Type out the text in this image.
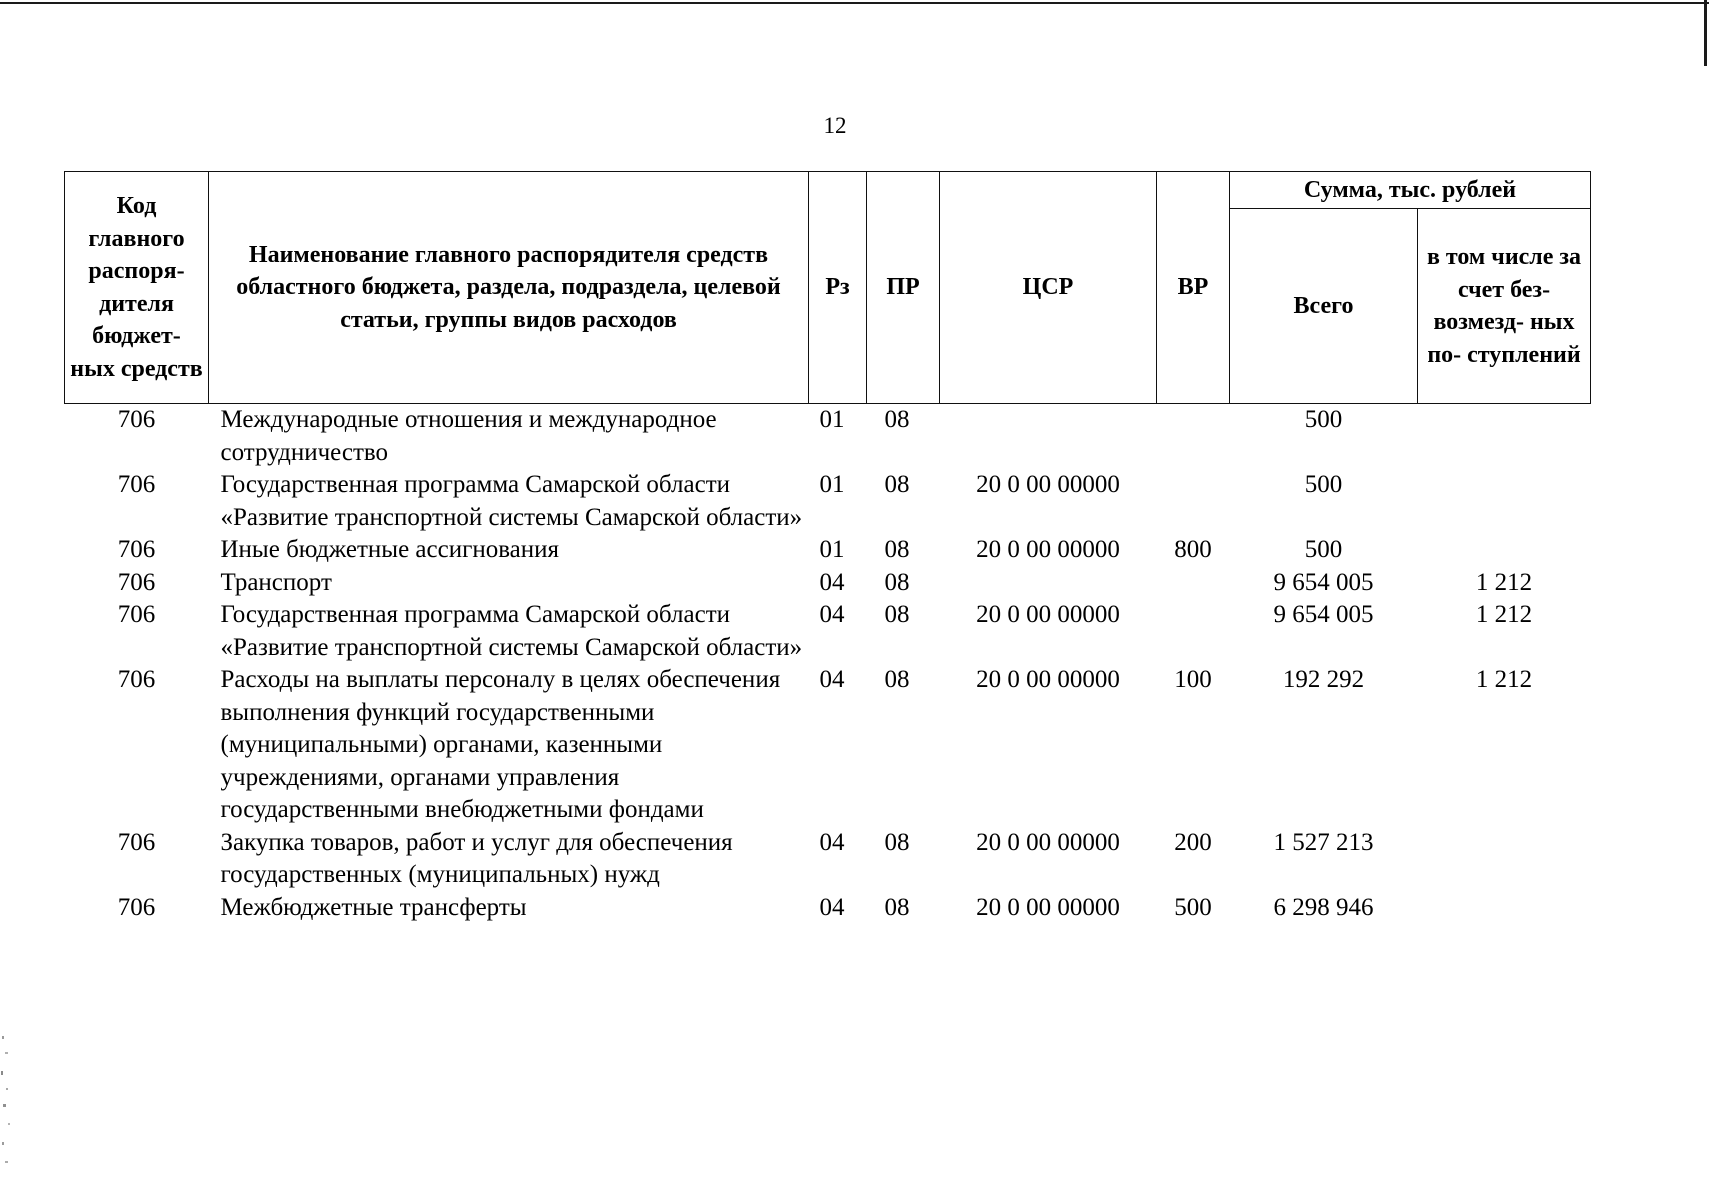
12
Код главного распоря- дителя бюджет- ных средств	Наименование главного распорядителя средств областного бюджета, раздела, подраздела, целевой статьи, группы видов расходов	Рз	ПР	ЦСР	ВР	Сумма, тыс. рублей	
						Всего	в том числе за счет без- возмезд- ных по- ступлений
706	Международные отношения и международное сотрудничество	01	08			500	
706	Государственная программа Самарской области «Развитие транспортной системы Самарской области»	01	08	20 0 00 00000		500	
706	Иные бюджетные ассигнования	01	08	20 0 00 00000	800	500	
706	Транспорт	04	08			9 654 005	1 212
706	Государственная программа Самарской области «Развитие транспортной системы Самарской области»	04	08	20 0 00 00000		9 654 005	1 212
706	Расходы на выплаты персоналу в целях обеспечения выполнения функций государственными (муниципальными) органами, казенными учреждениями, органами управления государственными внебюджетными фондами	04	08	20 0 00 00000	100	192 292	1 212
706	Закупка товаров, работ и услуг для обеспечения государственных (муниципальных) нужд	04	08	20 0 00 00000	200	1 527 213	
706	Межбюджетные трансферты	04	08	20 0 00 00000	500	6 298 946	
